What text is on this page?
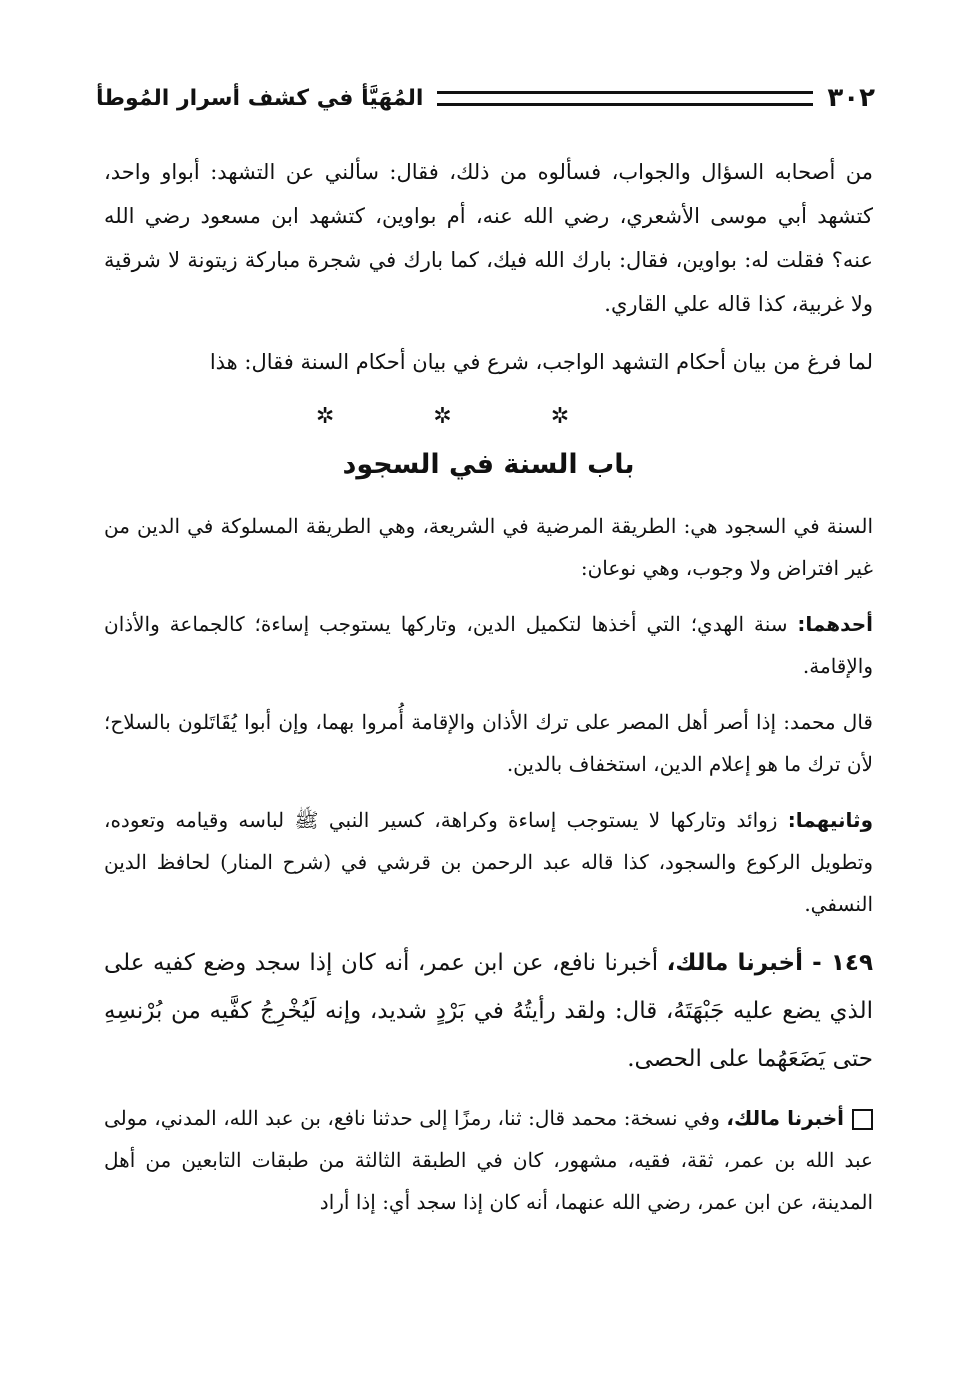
٣٠٢
المُهَيَّأ في كشف أسرار المُوطأ

من أصحابه السؤال والجواب، فسألوه من ذلك، فقال: سألني عن التشهد: أبواو واحد، كتشهد أبي موسى الأشعري، رضي الله عنه، أم بواوين، كتشهد ابن مسعود رضي الله عنه؟ فقلت له: بواوين، فقال: بارك الله فيك، كما بارك في شجرة مباركة زيتونة لا شرقية ولا غربية، كذا قاله علي القاري.

لما فرغ من بيان أحكام التشهد الواجب، شرع في بيان أحكام السنة فقال: هذا

✲ ✲ ✲
باب السنة في السجود

السنة في السجود هي: الطريقة المرضية في الشريعة، وهي الطريقة المسلوكة في الدين من غير افتراض ولا وجوب، وهي نوعان:

أحدهما: سنة الهدي؛ التي أخذها لتكميل الدين، وتاركها يستوجب إساءة؛ كالجماعة والأذان والإقامة.

قال محمد: إذا أصر أهل المصر على ترك الأذان والإقامة أُمروا بهما، وإن أبوا يُقَاتَلون بالسلاح؛ لأن ترك ما هو إعلام الدين، استخفاف بالدين.

وثانيهما: زوائد وتاركها لا يستوجب إساءة وكراهة، كسير النبي ﷺ لباسه وقيامه وتعوده، وتطويل الركوع والسجود، كذا قاله عبد الرحمن بن قرشي في (شرح المنار) لحافظ الدين النسفي.

١٤٩ - أخبرنا مالك، أخبرنا نافع، عن ابن عمر، أنه كان إذا سجد وضع كفيه على الذي يضع عليه جَبْهَتَهُ، قال: ولقد رأيتُهُ في بَرْدٍ شديد، وإنه لَيُخْرِجُ كفَّيه من بُرْنسِهِ حتى يَضَعَهُما على الحصى.

أخبرنا مالك، وفي نسخة: محمد قال: ثنا، رمزًا إلى حدثنا نافع، بن عبد الله، المدني، مولى عبد الله بن عمر، ثقة، فقيه، مشهور، كان في الطبقة الثالثة من طبقات التابعين من أهل المدينة، عن ابن عمر، رضي الله عنهما، أنه كان إذا سجد أي: إذا أراد
